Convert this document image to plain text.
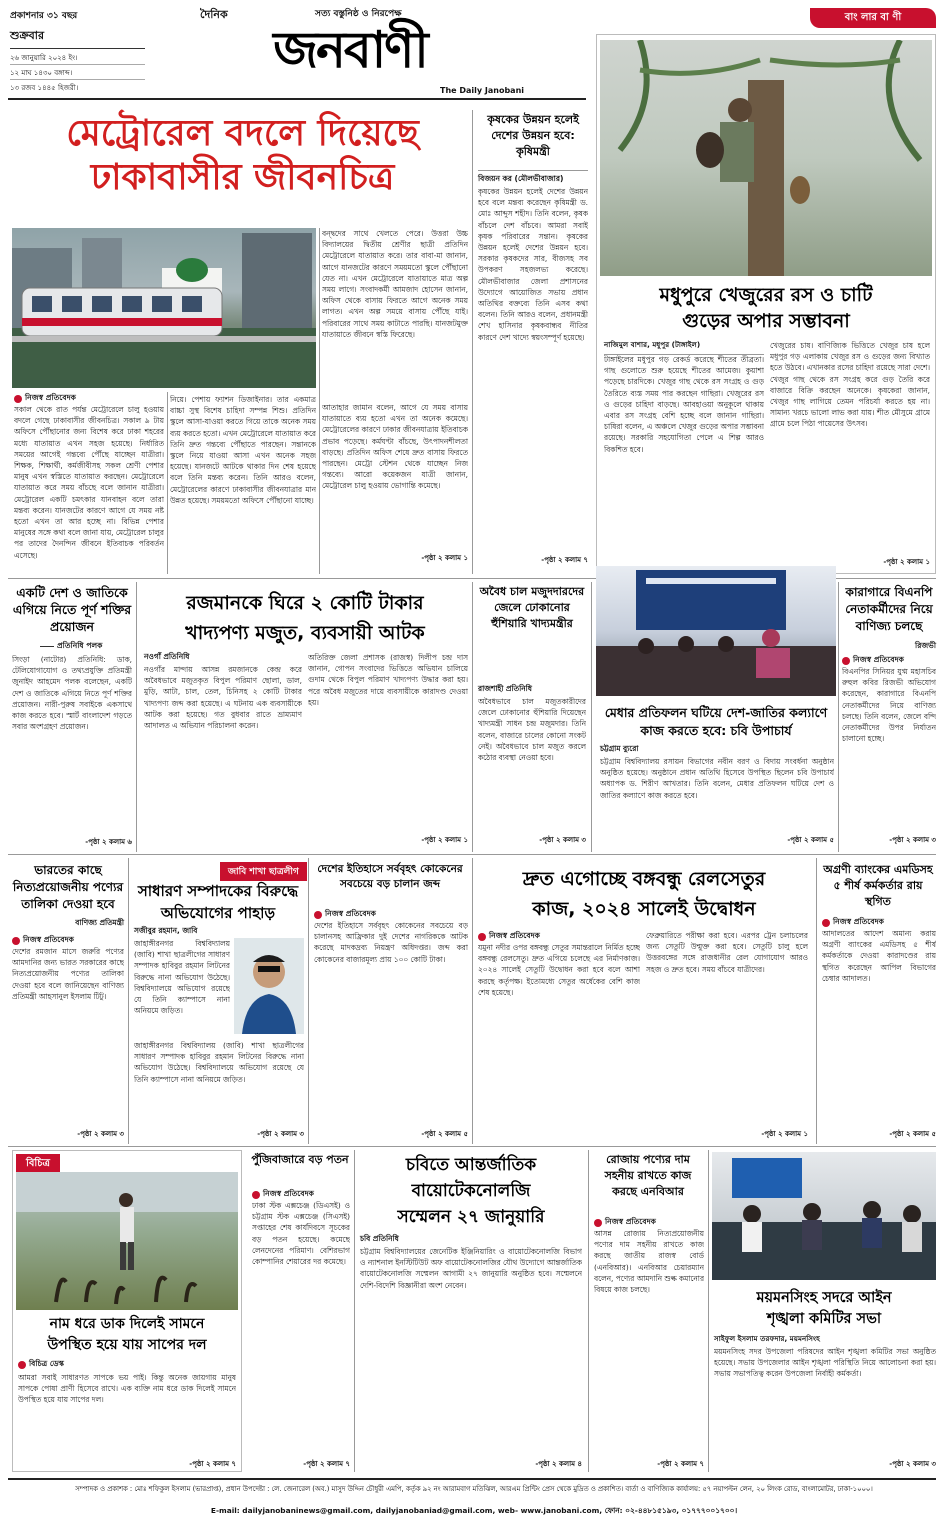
প্রকাশনার ৩১ বছর
শুক্রবার
২৬ জানুয়ারি ২০২৪ ইং।
১২ মাঘ ১৪৩০ বঙ্গাব্দ।
১৩ রজব ১৪৪৫ হিজরী।
দৈনিক	সত্য বস্তুনিষ্ঠ ও নিরপেক্ষ
জনবাণী
The Daily Janobani
বাং লার বা ণী
মেট্রোরেল বদলে দিয়েছে
ঢাকাবাসীর জীবনচিত্র
নিজস্ব প্রতিবেদক
সকাল থেকে রাত পর্যন্ত মেট্রোরেলে চালু হওয়ায় বদলে গেছে ঢাকাবাসীর জীবনচিত্র। সকাল ৯ টায় অফিসে পৌঁছানোর জন্য বিশেষ করে ঢাকা শহরের মধ্যে যাতায়াত এখন সহজ হয়েছে। নির্ধারিত সময়ের আগেই গন্তব্যে পৌঁছে যাচ্ছেন যাত্রীরা। শিক্ষক, শিক্ষার্থী, কর্মজীবীসহ সকল শ্রেণী পেশার মানুষ এখন স্বস্তিতে যাতায়াত করছেন। মেট্রোরেলে যাতায়াত করে সময় বাঁচছে বলে জানান যাত্রীরা। মেট্রোরেল একটি চমৎকার যানবাহন বলে তারা মন্তব্য করেন। যানজটের কারণে আগে যে সময় নষ্ট হতো এখন তা আর হচ্ছে না। বিভিন্ন পেশার মানুষের সঙ্গে কথা বলে জানা যায়, মেট্রোরেল চালুর পর তাদের দৈনন্দিন জীবনে ইতিবাচক পরিবর্তন এসেছে।
নিয়ে। পেশায় ফ্যাশন ডিজাইনার। তার একমাত্র বাচ্চা সুস্থ বিশেষ চাহিদা সম্পন্ন শিশু। প্রতিদিন স্কুলে আসা-যাওয়া করতে গিয়ে তাকে অনেক সময় ব্যয় করতে হতো। এখন মেট্রোরেলে যাতায়াত করে তিনি দ্রুত গন্তব্যে পৌঁছাতে পারছেন। সন্তানকে স্কুলে নিয়ে যাওয়া আসা এখন অনেক সহজ হয়েছে। যানজটে আটকে থাকার দিন শেষ হয়েছে বলে তিনি মন্তব্য করেন। তিনি আরও বলেন, মেট্রোরেলের কারণে ঢাকাবাসীর জীবনযাত্রার মান উন্নত হয়েছে। সময়মতো অফিসে পৌঁছানো যাচ্ছে।
বন্দ্বদের সাথে খেলতে পেরে। উত্তরা উচ্চ বিদ্যালয়ের দ্বিতীয় শ্রেণীর ছাত্রী প্রতিদিন মেট্রোরেলে যাতায়াত করে। তার বাবা-মা জানান, আগে যানজটের কারণে সময়মতো স্কুলে পৌঁছানো যেত না। এখন মেট্রোরেলে যাতায়াতে মাত্র অল্প সময় লাগে। সংবাদকর্মী আমজাদ হোসেন জানান, অফিস থেকে বাসায় ফিরতে আগে অনেক সময় লাগত। এখন অল্প সময়ে বাসায় পৌঁছে যাই। পরিবারের সাথে সময় কাটাতে পারছি। যানজটমুক্ত যাতায়াতে জীবনে স্বস্তি ফিরেছে।
আতাহার জামান বলেন, আগে যে সময় বাসায় যাতায়াতে ব্যয় হতো এখন তা অনেক কমেছে। মেট্রোরেলের কারণে ঢাকার জীবনযাত্রায় ইতিবাচক প্রভাব পড়েছে। কর্মঘণ্টা বাঁচছে, উৎপাদনশীলতা বাড়ছে। প্রতিদিন অফিস শেষে দ্রুত বাসায় ফিরতে পারছেন। মেট্রো স্টেশন থেকে যাচ্ছেন নিজ গন্তব্যে। আরো কয়েকজন যাত্রী জানান, মেট্রোরেল চালু হওয়ায় ভোগান্তি কমেছে।
-পৃষ্ঠা ২ কলাম ১
কৃষকের উন্নয়ন হলেই দেশের উন্নয়ন হবে: কৃষিমন্ত্রী
বিজয়ন কর (মৌলভীবাজার)
কৃষকের উন্নয়ন হলেই দেশের উন্নয়ন হবে বলে মন্তব্য করেছেন কৃষিমন্ত্রী ড. মোঃ আব্দুস শহীদ। তিনি বলেন, কৃষক বাঁচলে দেশ বাঁচবে। আমরা সবাই কৃষক পরিবারের সন্তান। কৃষকের উন্নয়ন হলেই দেশের উন্নয়ন হবে। সরকার কৃষকদের সার, বীজসহ সব উপকরণ সহজলভ্য করেছে। মৌলভীবাজার জেলা প্রশাসনের উদ্যোগে আয়োজিত সভায় প্রধান অতিথির বক্তব্যে তিনি এসব কথা বলেন। তিনি আরও বলেন, প্রধানমন্ত্রী শেখ হাসিনার কৃষকবান্ধব নীতির কারণে দেশ খাদ্যে স্বয়ংসম্পূর্ণ হয়েছে।
-পৃষ্ঠা ২ কলাম ৭
মধুপুরে খেজুরের রস ও চাটি
গুড়ের অপার সম্ভাবনা
নাজিমুল বাশার, মধুপুর (টাঙ্গাইল)
টাঙ্গাইলের মধুপুর গড় রেকর্ড করেছে শীতের তীব্রতা। গাছ গুলোতে শুরু হয়েছে শীতের আমেজ। কুয়াশা পড়েছে চারদিকে। খেজুর গাছ থেকে রস সংগ্রহ ও গুড় তৈরিতে ব্যস্ত সময় পার করছেন গাছিরা। খেজুরের রস ও গুড়ের চাহিদা বাড়ছে। আবহাওয়া অনুকূলে থাকায় এবার রস সংগ্রহ বেশি হচ্ছে বলে জানান গাছিরা। চাষিরা বলেন, এ অঞ্চলে খেজুর গুড়ের অপার সম্ভাবনা রয়েছে। সরকারি সহযোগিতা পেলে এ শিল্প আরও বিকশিত হবে।
খেজুরের চাষ। বাণিজ্যিক ভিত্তিতে খেজুর চাষ হলে মধুপুর গড় এলাকায় খেজুর রস ও গুড়ের জন্য বিখ্যাত হতে উঠবে। এখানকার রসের চাহিদা রয়েছে সারা দেশে। খেজুর গাছ থেকে রস সংগ্রহ করে গুড় তৈরি করে বাজারে বিক্রি করছেন অনেকে। কৃষকেরা জানান, খেজুর গাছ লাগিয়ে তেমন পরিচর্যা করতে হয় না। সামান্য খরচে ভালো লাভ করা যায়। শীত মৌসুমে গ্রামে গ্রামে চলে পিঠা পায়েসের উৎসব।
-পৃষ্ঠা ২ কলাম ১
একটি দেশ ও জাতিকে এগিয়ে নিতে পূর্ণ শক্তির প্রয়োজন
প্রতিনিধি পলক
সিংড়া (নাটোর) প্রতিনিধি: ডাক, টেলিযোগাযোগ ও তথ্যপ্রযুক্তি প্রতিমন্ত্রী জুনাইদ আহমেদ পলক বলেছেন, একটি দেশ ও জাতিকে এগিয়ে নিতে পূর্ণ শক্তির প্রয়োজন। নারী-পুরুষ সবাইকে একসাথে কাজ করতে হবে। স্মার্ট বাংলাদেশ গড়তে সবার অংশগ্রহণ প্রয়োজন।
-পৃষ্ঠা ২ কলাম ৬
রজমানকে ঘিরে ২ কোটি টাকার
খাদ্যপণ্য মজুত, ব্যবসায়ী আটক
নওগাঁ প্রতিনিধি
নওগাঁর মান্দায় আসন্ন রমজানকে কেন্দ্র করে অবৈধভাবে মজুতকৃত বিপুল পরিমাণ ছোলা, ডাল, মুড়ি, আটা, চাল, তেল, চিনিসহ ২ কোটি টাকার খাদ্যপণ্য জব্দ করা হয়েছে। এ ঘটনায় এক ব্যবসায়ীকে আটক করা হয়েছে। গত বুধবার রাতে ভ্রাম্যমাণ আদালত এ অভিযান পরিচালনা করেন।
অতিরিক্ত জেলা প্রশাসক (রাজস্ব) দিলীপ চন্দ্র দাস জানান, গোপন সংবাদের ভিত্তিতে অভিযান চালিয়ে গুদাম থেকে বিপুল পরিমাণ খাদ্যপণ্য উদ্ধার করা হয়। পরে অবৈধ মজুতের দায়ে ব্যবসায়ীকে কারাদণ্ড দেওয়া হয়।
-পৃষ্ঠা ২ কলাম ১
অবৈধ চাল মজুদদারদের জেলে ঢোকানোর হুঁশিয়ারি খাদ্যমন্ত্রীর
রাজশাহী প্রতিনিধি
অবৈধভাবে চাল মজুতকারীদের জেলে ঢোকানোর হুঁশিয়ারি দিয়েছেন খাদ্যমন্ত্রী সাধন চন্দ্র মজুমদার। তিনি বলেন, বাজারে চালের কোনো সংকট নেই। অবৈধভাবে চাল মজুত করলে কঠোর ব্যবস্থা নেওয়া হবে।
-পৃষ্ঠা ২ কলাম ৩
মেধার প্রতিফলন ঘটিয়ে দেশ-জাতির কল্যাণে কাজ করতে হবে: চবি উপাচার্য
চট্টগ্রাম ব্যুরো
চট্টগ্রাম বিশ্ববিদ্যালয় রসায়ন বিভাগের নবীন বরণ ও বিদায় সংবর্ধনা অনুষ্ঠান অনুষ্ঠিত হয়েছে। অনুষ্ঠানে প্রধান অতিথি হিসেবে উপস্থিত ছিলেন চবি উপাচার্য অধ্যাপক ড. শিরীণ আখতার। তিনি বলেন, মেধার প্রতিফলন ঘটিয়ে দেশ ও জাতির কল্যাণে কাজ করতে হবে।
-পৃষ্ঠা ২ কলাম ৫
কারাগারে বিএনপি নেতাকর্মীদের নিয়ে বাণিজ্য চলছে
রিজভী
নিজস্ব প্রতিবেদক
বিএনপির সিনিয়র যুগ্ম মহাসচিব রুহুল কবির রিজভী অভিযোগ করেছেন, কারাগারে বিএনপি নেতাকর্মীদের নিয়ে বাণিজ্য চলছে। তিনি বলেন, জেলে বন্দি নেতাকর্মীদের উপর নির্যাতন চালানো হচ্ছে।
-পৃষ্ঠা ২ কলাম ৩
ভারতের কাছে নিত্যপ্রয়োজনীয় পণ্যের তালিকা দেওয়া হবে
বাণিজ্য প্রতিমন্ত্রী
নিজস্ব প্রতিবেদক
দেশের রমজান মাসে জরুরি পণ্যের আমদানির জন্য ভারত সরকারের কাছে নিত্যপ্রয়োজনীয় পণ্যের তালিকা দেওয়া হবে বলে জানিয়েছেন বাণিজ্য প্রতিমন্ত্রী আহসানুল ইসলাম টিটু।
-পৃষ্ঠা ২ কলাম ৩
জাবি শাখা ছাত্রলীগ
সাধারণ সম্পাদকের বিরুদ্ধে
অভিযোগের পাহাড়
সজীবুর রহমান, জাবি
জাহাঙ্গীরনগর বিশ্ববিদ্যালয় (জাবি) শাখা ছাত্রলীগের সাধারণ সম্পাদক হাবিবুর রহমান লিটনের বিরুদ্ধে নানা অভিযোগ উঠেছে। বিশ্ববিদ্যালয়ে অভিযোগ রয়েছে যে তিনি ক্যাম্পাসে নানা অনিয়মে জড়িত।
জাহাঙ্গীরনগর বিশ্ববিদ্যালয় (জাবি) শাখা ছাত্রলীগের সাধারণ সম্পাদক হাবিবুর রহমান লিটনের বিরুদ্ধে নানা অভিযোগ উঠেছে। বিশ্ববিদ্যালয়ে অভিযোগ রয়েছে যে তিনি ক্যাম্পাসে নানা অনিয়মে জড়িত।
-পৃষ্ঠা ২ কলাম ৩
দেশের ইতিহাসে সর্ববৃহৎ কোকেনের সবচেয়ে বড় চালান জব্দ
নিজস্ব প্রতিবেদক
দেশের ইতিহাসে সর্ববৃহৎ কোকেনের সবচেয়ে বড় চালানসহ আফ্রিকার দুই দেশের নাগরিককে আটক করেছে মাদকদ্রব্য নিয়ন্ত্রণ অধিদপ্তর। জব্দ করা কোকেনের বাজারমূল্য প্রায় ১০০ কোটি টাকা।
-পৃষ্ঠা ২ কলাম ৫
দ্রুত এগোচ্ছে বঙ্গবন্ধু রেলসেতুর
কাজ, ২০২৪ সালেই উদ্বোধন
নিজস্ব প্রতিবেদক
যমুনা নদীর ওপর বঙ্গবন্ধু সেতুর সমান্তরালে নির্মিত হচ্ছে বঙ্গবন্ধু রেলসেতু। দ্রুত এগিয়ে চলেছে এর নির্মাণকাজ। ২০২৪ সালেই সেতুটি উদ্বোধন করা হবে বলে আশা করছে কর্তৃপক্ষ। ইতোমধ্যে সেতুর অর্ধেকের বেশি কাজ শেষ হয়েছে।
ফেব্রুয়ারিতে পরীক্ষা করা হবে। এরপর ট্রেন চলাচলের জন্য সেতুটি উন্মুক্ত করা হবে। সেতুটি চালু হলে উত্তরবঙ্গের সঙ্গে রাজধানীর রেল যোগাযোগ আরও সহজ ও দ্রুত হবে। সময় বাঁচবে যাত্রীদের।
-পৃষ্ঠা ২ কলাম ১
অগ্রণী ব্যাংকের এমডিসহ ৫ শীর্ষ কর্মকর্তার রায় স্থগিত
নিজস্ব প্রতিবেদক
আদালতের আদেশ অমান্য করায় অগ্রণী ব্যাংকের এমডিসহ ৫ শীর্ষ কর্মকর্তাকে দেওয়া কারাদণ্ডের রায় স্থগিত করেছেন আপিল বিভাগের চেম্বার আদালত।
-পৃষ্ঠা ২ কলাম ৫
বিচিত্র
নাম ধরে ডাক দিলেই সামনে
উপস্থিত হয়ে যায় সাপের দল
বিচিত্র ডেস্ক
আমরা সবাই সাধারণত সাপকে ভয় পাই। কিন্তু অনেক জায়গায় মানুষ সাপকে পোষা প্রাণী হিসেবে রাখে। এক ব্যক্তি নাম ধরে ডাক দিলেই সামনে উপস্থিত হয়ে যায় সাপের দল।
-পৃষ্ঠা ২ কলাম ৭
পুঁজিবাজারে বড় পতন
নিজস্ব প্রতিবেদক
ঢাকা স্টক এক্সচেঞ্জ (ডিএসই) ও চট্টগ্রাম স্টক এক্সচেঞ্জ (সিএসই) সপ্তাহের শেষ কার্যদিবসে সূচকের বড় পতন হয়েছে। কমেছে লেনদেনের পরিমাণ। বেশিরভাগ কোম্পানির শেয়ারের দর কমেছে।
-পৃষ্ঠা ২ কলাম ৭
চবিতে আন্তর্জাতিক
বায়োটেকনোলজি
সম্মেলন ২৭ জানুয়ারি
চবি প্রতিনিধি
চট্টগ্রাম বিশ্ববিদ্যালয়ের জেনেটিক ইঞ্জিনিয়ারিং ও বায়োটেকনোলজি বিভাগ ও ন্যাশনাল ইনস্টিটিউট অফ বায়োটেকনোলজির যৌথ উদ্যোগে আন্তর্জাতিক বায়োটেকনোলজি সম্মেলন আগামী ২৭ জানুয়ারি অনুষ্ঠিত হবে। সম্মেলনে দেশি-বিদেশি বিজ্ঞানীরা অংশ নেবেন।
-পৃষ্ঠা ২ কলাম ৪
রোজায় পণ্যের দাম সহনীয় রাখতে কাজ করছে এনবিআর
নিজস্ব প্রতিবেদক
আসন্ন রোজায় নিত্যপ্রয়োজনীয় পণ্যের দাম সহনীয় রাখতে কাজ করছে জাতীয় রাজস্ব বোর্ড (এনবিআর)। এনবিআর চেয়ারম্যান বলেন, পণ্যের আমদানি শুল্ক কমানোর বিষয়ে কাজ চলছে।
-পৃষ্ঠা ২ কলাম ৭
ময়মনসিংহ সদরে আইন
শৃঙ্খলা কমিটির সভা
সাইফুল ইসলাম তরফদার, ময়মনসিংহ
ময়মনসিংহ সদর উপজেলা পরিষদের আইন শৃঙ্খলা কমিটির সভা অনুষ্ঠিত হয়েছে। সভায় উপজেলার আইন শৃঙ্খলা পরিস্থিতি নিয়ে আলোচনা করা হয়। সভায় সভাপতিত্ব করেন উপজেলা নির্বাহী কর্মকর্তা।
-পৃষ্ঠা ২ কলাম ৩
সম্পাদক ও প্রকাশক : মোঃ শফিকুল ইসলাম (ভারপ্রাপ্ত), প্রধান উপদেষ্টা : লে. জেনারেল (অব.) মাসুদ উদ্দিন চৌধুরী এমপি, কর্তৃক ৯২ নং আরামবাগ মতিঝিল, আরএম প্রিন্টিং প্রেস থেকে মুদ্রিত ও প্রকাশিত। বার্তা ও বাণিজ্যিক কার্যালয়: ৫৭ নয়াপল্টন লেন, ২০ লিংক রোড, বাংলামোটর, ঢাকা-১০০০।
E-mail: dailyjanobaninews@gmail.com, dailyjanobaniad@gmail.com, web- www.janobani.com, ফোন: ০২-৪৪৮১৫১৯৩, ০১৭৭৭০০১৭০০।
